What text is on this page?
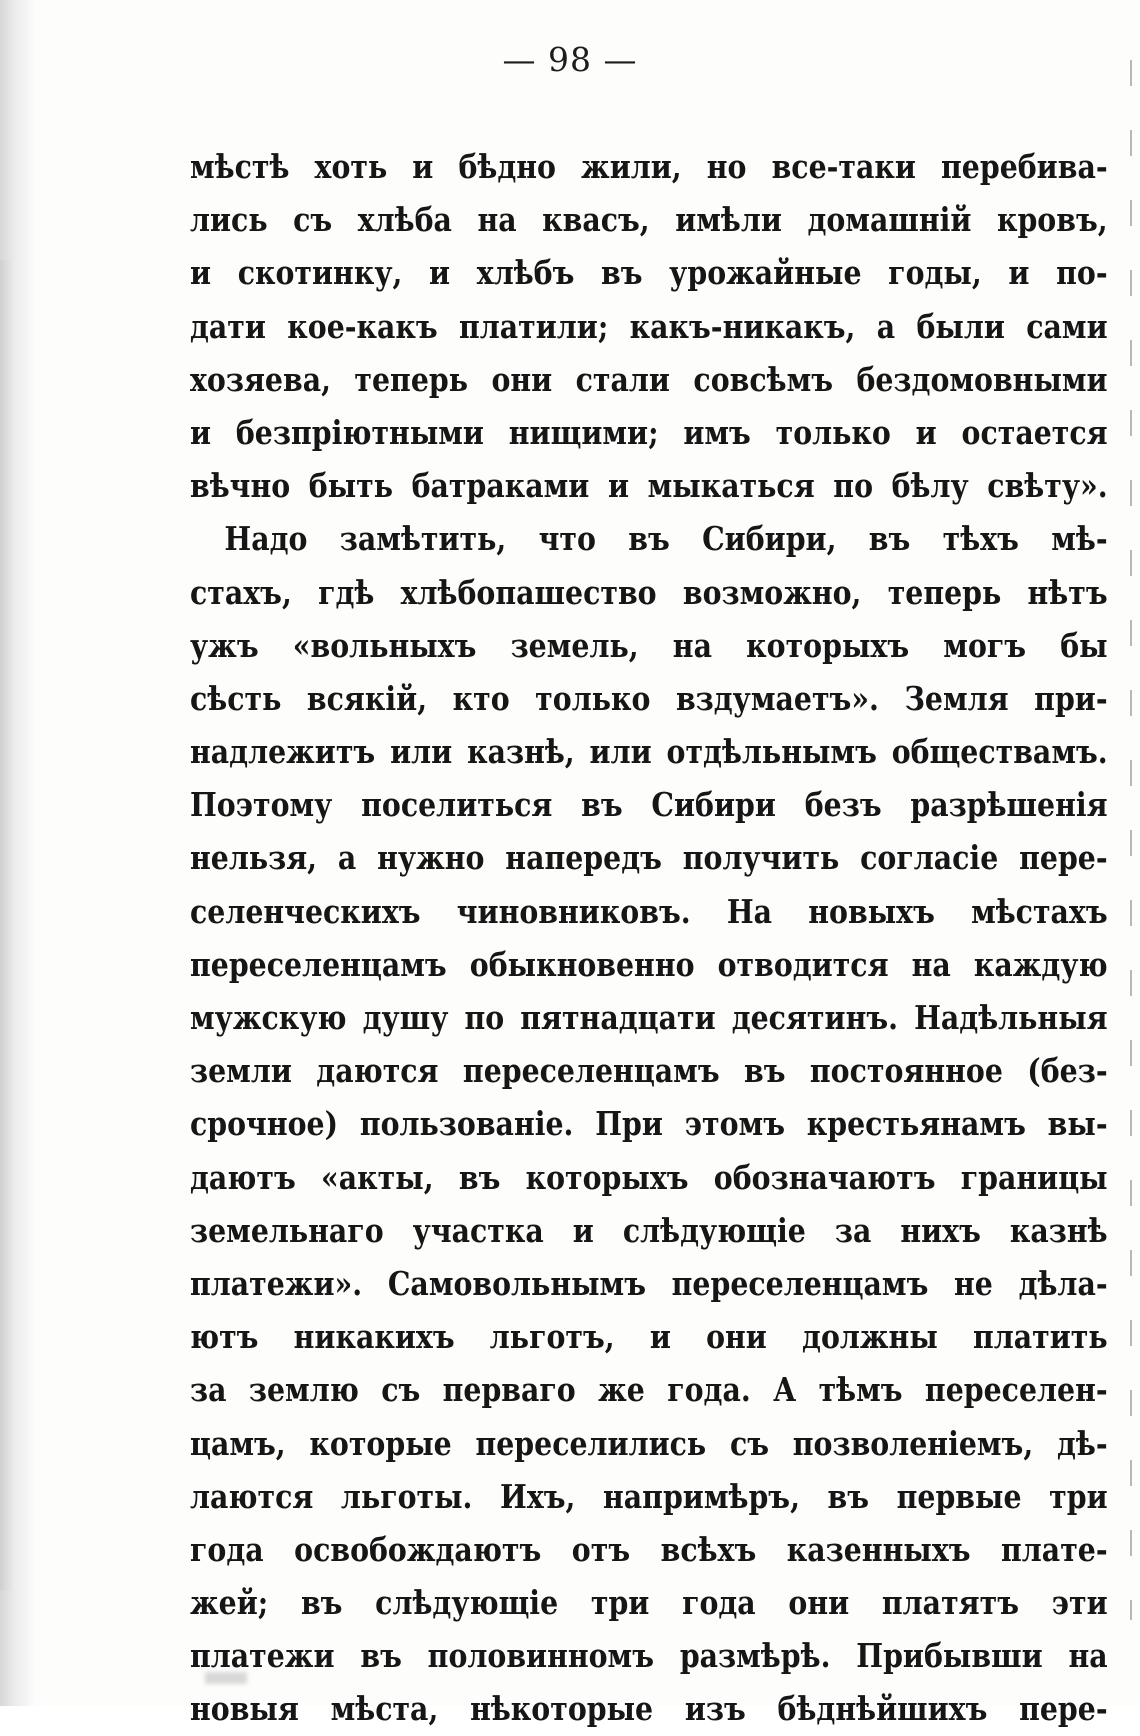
— 98 —

мѣстѣ хоть и бѣдно жили, но все-таки перебива-
лись съ хлѣба на квасъ, имѣли домашній кровъ,
и скотинку, и хлѣбъ въ урожайные годы, и по-
дати кое-какъ платили; какъ-никакъ, а были сами
хозяева, теперь они стали совсѣмъ бездомовными
и безпріютными нищими; имъ только и остается
вѣчно быть батраками и мыкаться по бѣлу свѣту».
Надо замѣтить, что въ Сибири, въ тѣхъ мѣ-
стахъ, гдѣ хлѣбопашество возможно, теперь нѣтъ
ужъ «вольныхъ земель, на которыхъ могъ бы
сѣсть всякій, кто только вздумаетъ». Земля при-
надлежитъ или казнѣ, или отдѣльнымъ обществамъ.
Поэтому поселиться въ Сибири безъ разрѣшенія
нельзя, а нужно напередъ получить согласіе пере-
селенческихъ чиновниковъ. На новыхъ мѣстахъ
переселенцамъ обыкновенно отводится на каждую
мужскую душу по пятнадцати десятинъ. Надѣльныя
земли даются переселенцамъ въ постоянное (без-
срочное) пользованіе. При этомъ крестьянамъ вы-
даютъ «акты, въ которыхъ обозначаютъ границы
земельнаго участка и слѣдующіе за нихъ казнѣ
платежи». Самовольнымъ переселенцамъ не дѣла-
ютъ никакихъ льготъ, и они должны платить
за землю съ перваго же года. А тѣмъ переселен-
цамъ, которые переселились съ позволеніемъ, дѣ-
лаются льготы. Ихъ, напримѣръ, въ первые три
года освобождаютъ отъ всѣхъ казенныхъ плате-
жей; въ слѣдующіе три года они платятъ эти
платежи въ половинномъ размѣрѣ. Прибывши на
новыя мѣста, нѣкоторые изъ бѣднѣйшихъ пере-
